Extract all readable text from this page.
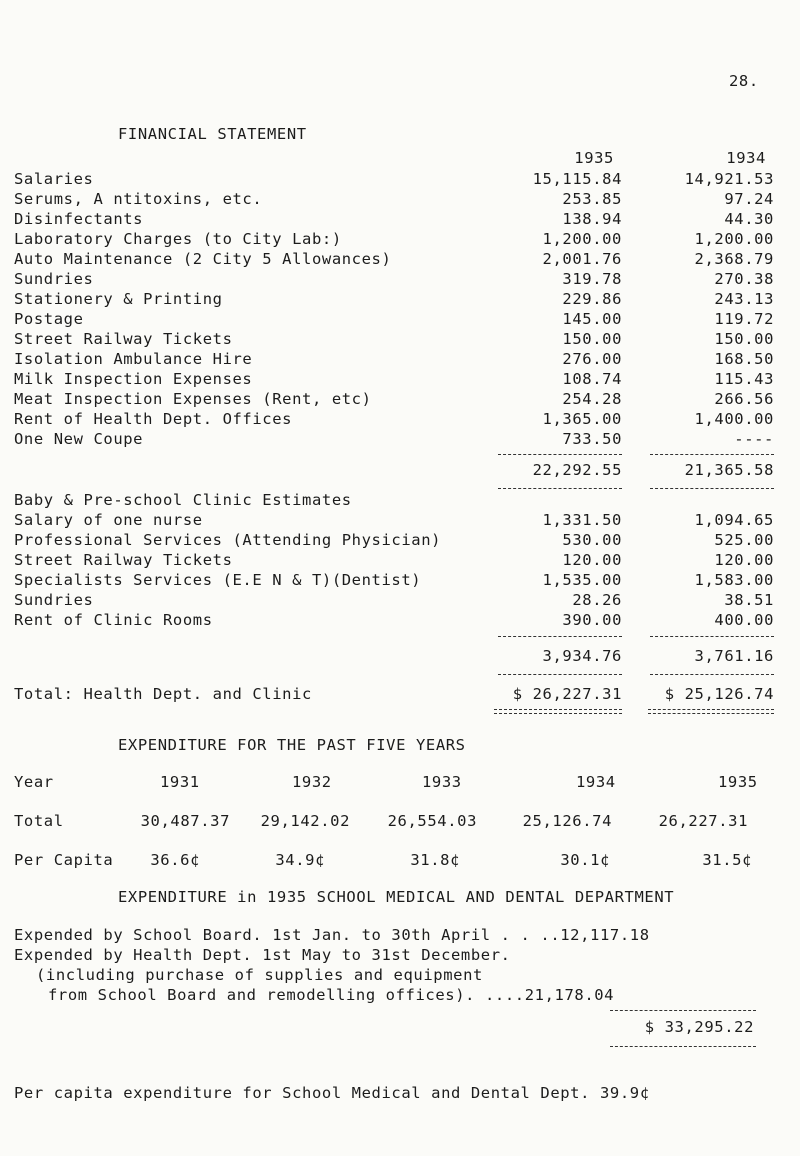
28.
FINANCIAL STATEMENT
1935	1934
Salaries	15,115.84	14,921.53
Serums, A ntitoxins, etc.	253.85	97.24
Disinfectants	138.94	44.30
Laboratory Charges (to City Lab:)	1,200.00	1,200.00
Auto Maintenance (2 City 5 Allowances)	2,001.76	2,368.79
Sundries	319.78	270.38
Stationery & Printing	229.86	243.13
Postage	145.00	119.72
Street Railway Tickets	150.00	150.00
Isolation Ambulance Hire	276.00	168.50
Milk Inspection Expenses	108.74	115.43
Meat Inspection Expenses (Rent, etc)	254.28	266.56
Rent of Health Dept. Offices	1,365.00	1,400.00
One New Coupe	733.50	----
22,292.55	21,365.58
Baby & Pre-school Clinic Estimates
Salary of one nurse	1,331.50	1,094.65
Professional Services (Attending Physician)	530.00	525.00
Street Railway Tickets	120.00	120.00
Specialists Services (E.E N & T)(Dentist)	1,535.00	1,583.00
Sundries	28.26	38.51
Rent of Clinic Rooms	390.00	400.00
3,934.76	3,761.16
Total: Health Dept. and Clinic	$ 26,227.31	$ 25,126.74
EXPENDITURE FOR THE PAST FIVE YEARS
Year	1931	1932	1933	1934	1935
Total	30,487.37	29,142.02	26,554.03	25,126.74	26,227.31
Per Capita	36.6¢	34.9¢	31.8¢	30.1¢	31.5¢
EXPENDITURE in 1935 SCHOOL MEDICAL AND DENTAL DEPARTMENT
Expended by School Board. 1st Jan. to 30th April . . ..12,117.18
Expended by Health Dept. 1st May to 31st December.
(including purchase of supplies and equipment
from School Board and remodelling offices). ....21,178.04
$ 33,295.22
Per capita expenditure for School Medical and Dental Dept. 39.9¢
